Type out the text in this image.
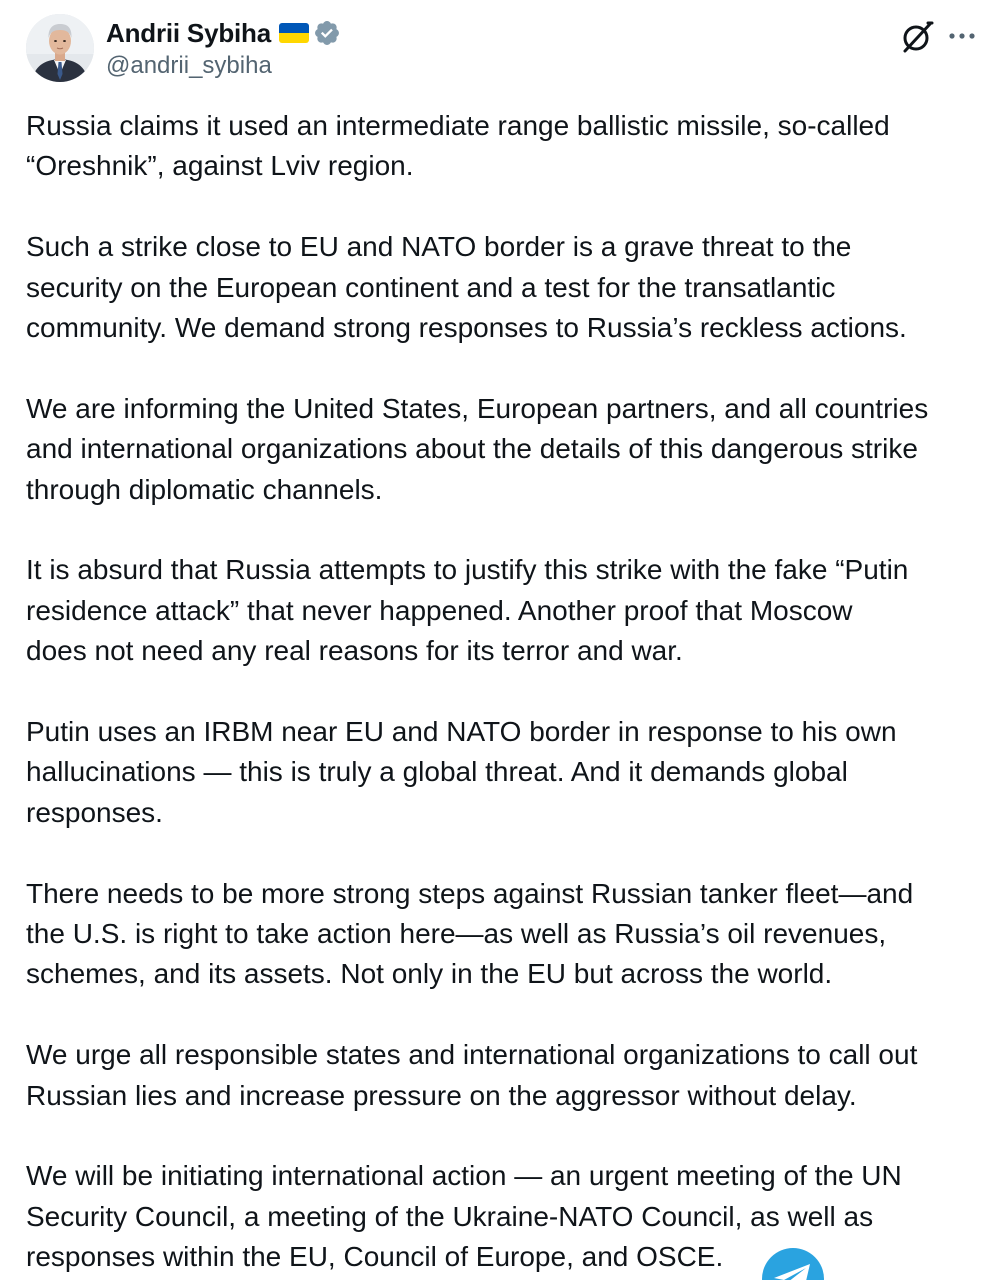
Andrii Sybiha
@andrii_sybiha

Russia claims it used an intermediate range ballistic missile, so-called
“Oreshnik”, against Lviv region.

Such a strike close to EU and NATO border is a grave threat to the
security on the European continent and a test for the transatlantic
community. We demand strong responses to Russia’s reckless actions.

We are informing the United States, European partners, and all countries
and international organizations about the details of this dangerous strike
through diplomatic channels.

It is absurd that Russia attempts to justify this strike with the fake “Putin
residence attack” that never happened. Another proof that Moscow
does not need any real reasons for its terror and war.

Putin uses an IRBM near EU and NATO border in response to his own
hallucinations — this is truly a global threat. And it demands global
responses.

There needs to be more strong steps against Russian tanker fleet—and
the U.S. is right to take action here—as well as Russia’s oil revenues,
schemes, and its assets. Not only in the EU but across the world.

We urge all responsible states and international organizations to call out
Russian lies and increase pressure on the aggressor without delay.

We will be initiating international action — an urgent meeting of the UN
Security Council, a meeting of the Ukraine-NATO Council, as well as
responses within the EU, Council of Europe, and OSCE.
